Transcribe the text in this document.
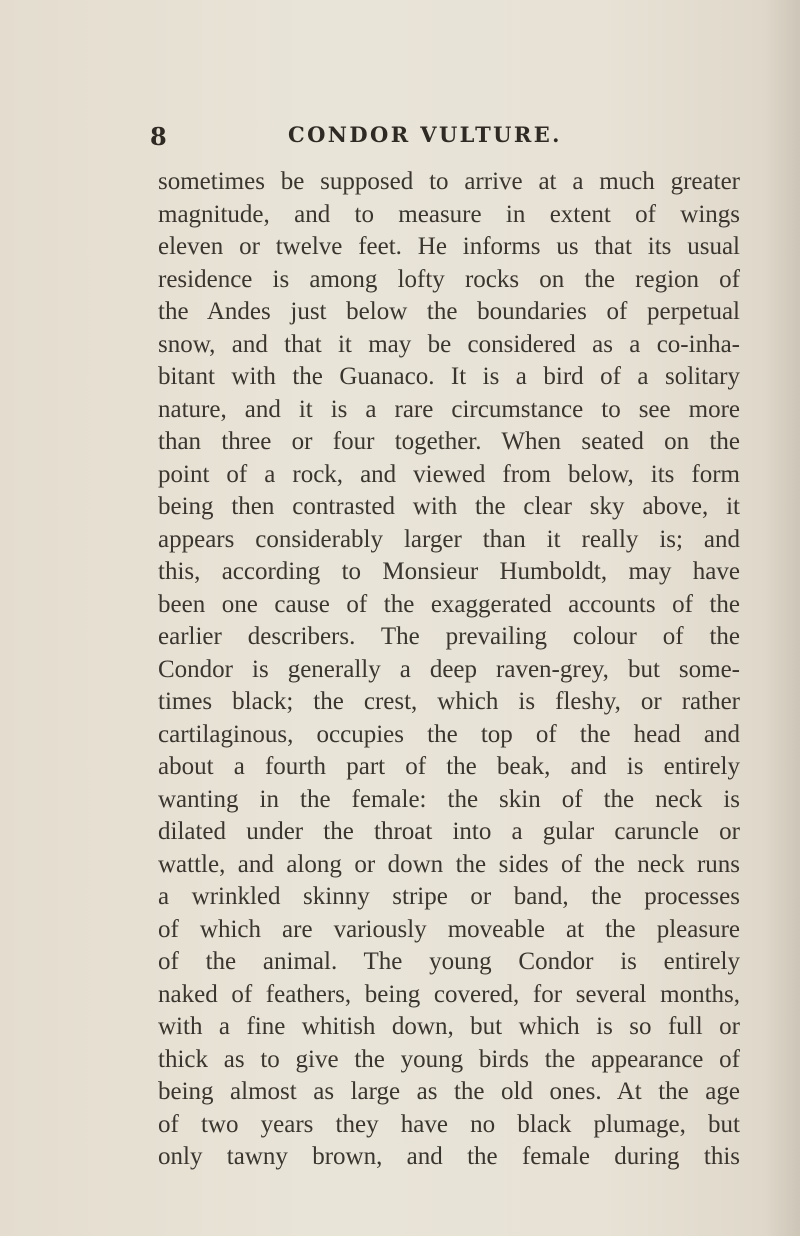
8	CONDOR VULTURE.
sometimes be supposed to arrive at a much greater
magnitude, and to measure in extent of wings
eleven or twelve feet. He informs us that its usual
residence is among lofty rocks on the region of
the Andes just below the boundaries of perpetual
snow, and that it may be considered as a co-inha-
bitant with the Guanaco. It is a bird of a solitary
nature, and it is a rare circumstance to see more
than three or four together. When seated on the
point of a rock, and viewed from below, its form
being then contrasted with the clear sky above, it
appears considerably larger than it really is; and
this, according to Monsieur Humboldt, may have
been one cause of the exaggerated accounts of the
earlier describers. The prevailing colour of the
Condor is generally a deep raven-grey, but some-
times black; the crest, which is fleshy, or rather
cartilaginous, occupies the top of the head and
about a fourth part of the beak, and is entirely
wanting in the female: the skin of the neck is
dilated under the throat into a gular caruncle or
wattle, and along or down the sides of the neck runs
a wrinkled skinny stripe or band, the processes
of which are variously moveable at the pleasure
of the animal. The young Condor is entirely
naked of feathers, being covered, for several months,
with a fine whitish down, but which is so full or
thick as to give the young birds the appearance of
being almost as large as the old ones. At the age
of two years they have no black plumage, but
only tawny brown, and the female during this
